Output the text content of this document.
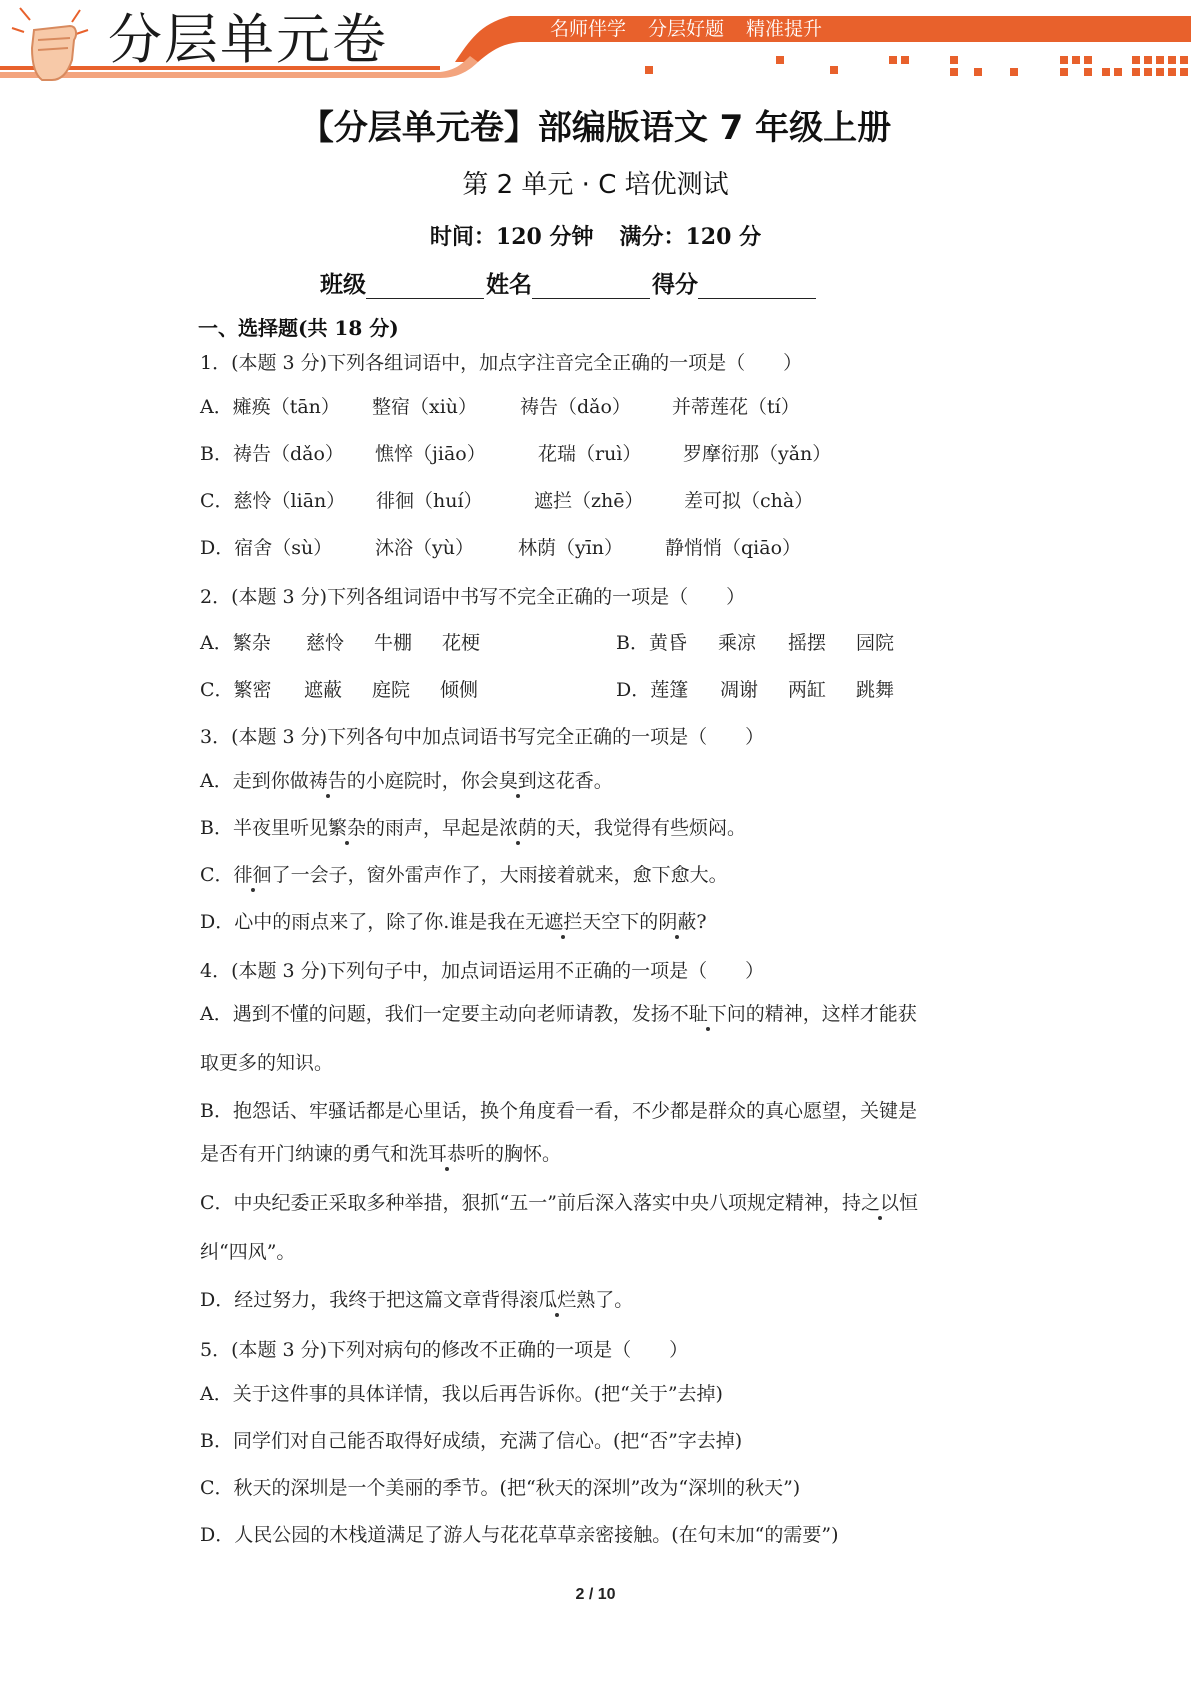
分层单元卷	名师伴学 分层好题 精准提升
【分层单元卷】部编版语文 7 年级上册
第 2 单元 · C 培优测试
时间：120 分钟 满分：120 分
班级	姓名	得分
一、选择题(共 18 分)
1．(本题 3 分)下列各组词语中，加点字注音完全正确的一项是（　　）
A．瘫痪（tān） 整宿（xiù） 祷告（dǎo） 并蒂莲花（tí）
B．祷告（dǎo） 憔悴（jiāo）	花瑞（ruì） 罗摩衍那（yǎn）
C．慈怜（liān） 徘徊（huí）	遮拦（zhē） 差可拟（chà）
D．宿舍（sù） 沐浴（yù） 林荫（yīn） 静悄悄（qiāo）
2．(本题 3 分)下列各组词语中书写不完全正确的一项是（　　）
A．繁杂 慈怜 牛棚 花梗	B．黄昏 乘凉 摇摆 园院
C．繁密 遮蔽 庭院 倾侧	D．莲篷 凋谢 两缸 跳舞
3．(本题 3 分)下列各句中加点词语书写完全正确的一项是（　　）
A．走到你做祷告的小庭院时，你会臭到这花香。
B．半夜里听见繁杂的雨声，早起是浓荫的天，我觉得有些烦闷。
C．徘徊了一会子，窗外雷声作了，大雨接着就来，愈下愈大。
D．心中的雨点来了，除了你.谁是我在无遮拦天空下的阴蔽?
4．(本题 3 分)下列句子中，加点词语运用不正确的一项是（　　）
A．遇到不懂的问题，我们一定要主动向老师请教，发扬不耻下问的精神，这样才能获
取更多的知识。
B．抱怨话、牢骚话都是心里话，换个角度看一看，不少都是群众的真心愿望，关键是
是否有开门纳谏的勇气和洗耳恭听的胸怀。
C．中央纪委正采取多种举措，狠抓“五一”前后深入落实中央八项规定精神，持之以恒
纠“四风”。
D．经过努力，我终于把这篇文章背得滚瓜烂熟了。
5．(本题 3 分)下列对病句的修改不正确的一项是（　　）
A．关于这件事的具体详情，我以后再告诉你。(把“关于”去掉)
B．同学们对自己能否取得好成绩，充满了信心。(把“否”字去掉)
C．秋天的深圳是一个美丽的季节。(把“秋天的深圳”改为“深圳的秋天”)
D．人民公园的木栈道满足了游人与花花草草亲密接触。(在句末加“的需要”)
2 / 10
